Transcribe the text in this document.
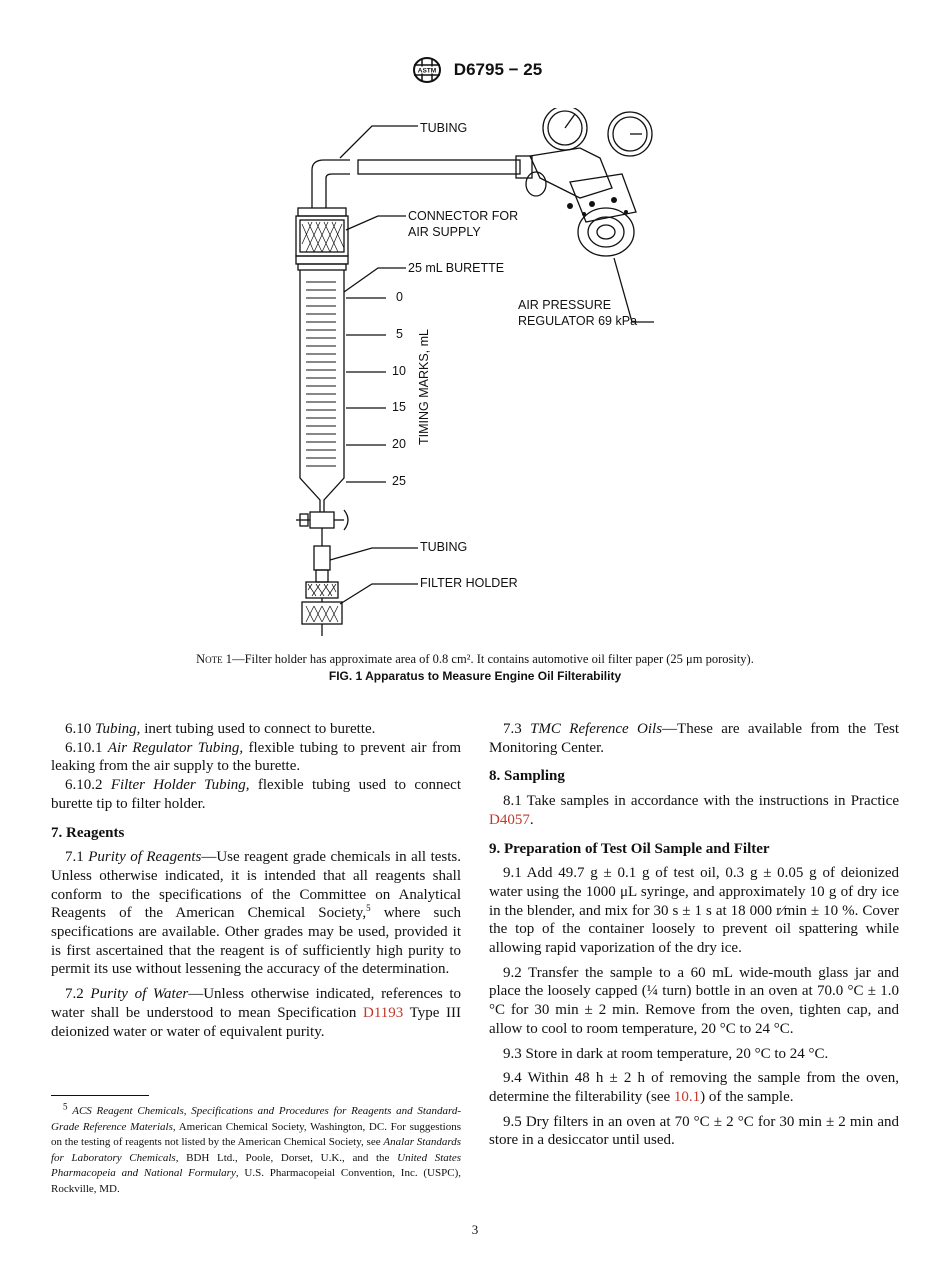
ASTM D6795 − 25
TUBING
CONNECTOR FOR
AIR SUPPLY
25 mL BURETTE
AIR PRESSURE
REGULATOR 69 kPa
0
5
10
15
20
25
TIMING MARKS, mL
TUBING
FILTER HOLDER
Note 1—Filter holder has approximate area of 0.8 cm². It contains automotive oil filter paper (25 μm porosity).
FIG. 1 Apparatus to Measure Engine Oil Filterability

6.10 Tubing, inert tubing used to connect to burette.

6.10.1 Air Regulator Tubing, flexible tubing to prevent air from leaking from the air supply to the burette.

6.10.2 Filter Holder Tubing, flexible tubing used to connect burette tip to filter holder.

7. Reagents

7.1 Purity of Reagents—Use reagent grade chemicals in all tests. Unless otherwise indicated, it is intended that all reagents shall conform to the specifications of the Committee on Analytical Reagents of the American Chemical Society,$^5$ where such specifications are available. Other grades may be used, provided it is first ascertained that the reagent is of sufficiently high purity to permit its use without lessening the accuracy of the determination.

7.2 Purity of Water—Unless otherwise indicated, references to water shall be understood to mean Specification D1193 Type III deionized water or water of equivalent purity.

$^5$ ACS Reagent Chemicals, Specifications and Procedures for Reagents and Standard-Grade Reference Materials, American Chemical Society, Washington, DC. For suggestions on the testing of reagents not listed by the American Chemical Society, see Analar Standards for Laboratory Chemicals, BDH Ltd., Poole, Dorset, U.K., and the United States Pharmacopeia and National Formulary, U.S. Pharmacopeial Convention, Inc. (USPC), Rockville, MD.

7.3 TMC Reference Oils—These are available from the Test Monitoring Center.

8. Sampling

8.1 Take samples in accordance with the instructions in Practice D4057.

9. Preparation of Test Oil Sample and Filter

9.1 Add 49.7 g ± 0.1 g of test oil, 0.3 g ± 0.05 g of deionized water using the 1000 μL syringe, and approximately 10 g of dry ice in the blender, and mix for 30 s ± 1 s at 18 000 r⁄min ± 10 %. Cover the top of the container loosely to prevent oil spattering while allowing rapid vaporization of the dry ice.

9.2 Transfer the sample to a 60 mL wide-mouth glass jar and place the loosely capped (¼ turn) bottle in an oven at 70.0 °C ± 1.0 °C for 30 min ± 2 min. Remove from the oven, tighten cap, and allow to cool to room temperature, 20 °C to 24 °C.

9.3 Store in dark at room temperature, 20 °C to 24 °C.

9.4 Within 48 h ± 2 h of removing the sample from the oven, determine the filterability (see 10.1) of the sample.

9.5 Dry filters in an oven at 70 °C ± 2 °C for 30 min ± 2 min and store in a desiccator until used.

3
